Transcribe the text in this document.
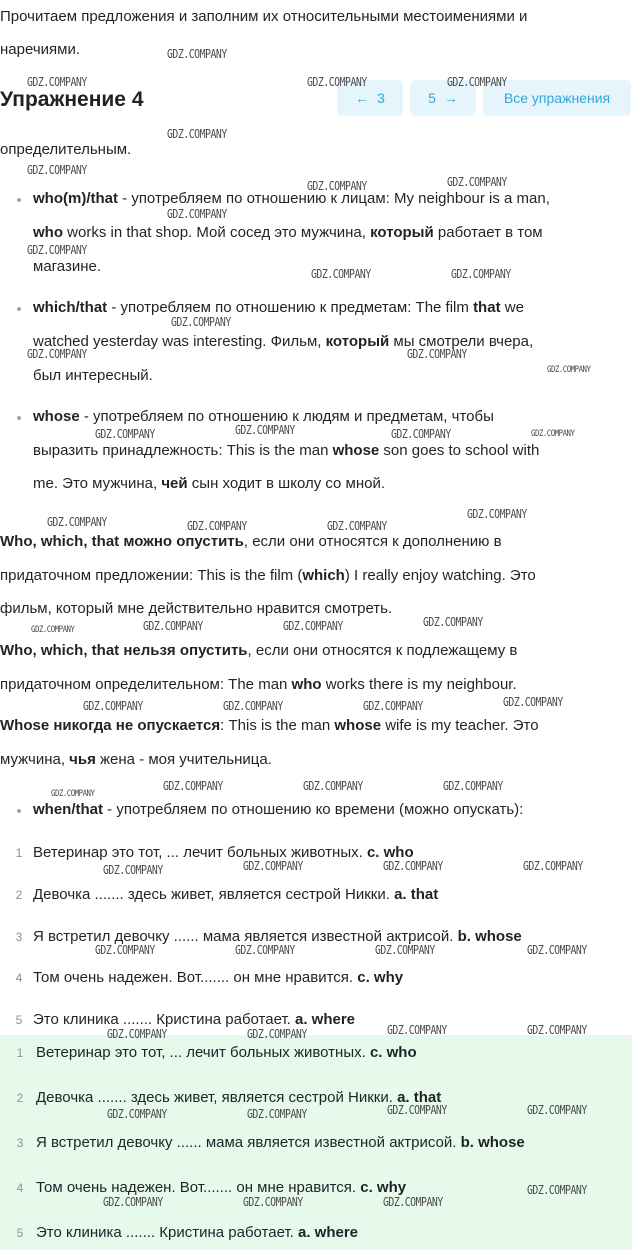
Прочитаем предложения и заполним их относительными местоимениями и
наречиями.
Упражнение 4	← 3	5 →	Все упражнения
определительным.
who(m)/that - употребляем по отношению к лицам: My neighbour is a man,
who works in that shop. Мой сосед это мужчина, который работает в том
магазине.
which/that - употребляем по отношению к предметам: The film that we
watched yesterday was interesting. Фильм, который мы смотрели вчера,
был интересный.
whose - употребляем по отношению к людям и предметам, чтобы
выразить принадлежность: This is the man whose son goes to school with
me. Это мужчина, чей сын ходит в школу со мной.
Who, which, that можно опустить, если они относятся к дополнению в
придаточном предложении: This is the film (which) I really enjoy watching. Это
фильм, который мне действительно нравится смотреть.
Who, which, that нельзя опустить, если они относятся к подлежащему в
придаточном определительном: The man who works there is my neighbour.
Whose никогда не опускается: This is the man whose wife is my teacher. Это
мужчина, чья жена - моя учительница.
when/that - употребляем по отношению ко времени (можно опускать):
1 Ветеринар это тот, ... лечит больных животных. c. who
2 Девочка ....... здесь живет, является сестрой Никки. a. that
3 Я встретил девочку ...... мама является известной актрисой. b. whose
4 Том очень надежен. Вот....... он мне нравится. c. why
5 Это клиника ....... Кристина работает. a. where
1 Ветеринар это тот, ... лечит больных животных. c. who
2 Девочка ....... здесь живет, является сестрой Никки. a. that
3 Я встретил девочку ...... мама является известной актрисой. b. whose
4 Том очень надежен. Вот....... он мне нравится. c. why
5 Это клиника ....... Кристина работает. a. where
GDZ.COMPANY
GDZ.COMPANY	GDZ.COMPANY	GDZ.COMPANY
GDZ.COMPANY
GDZ.COMPANY
GDZ.COMPANY	GDZ.COMPANY
GDZ.COMPANY
GDZ.COMPANY
GDZ.COMPANY	GDZ.COMPANY
GDZ.COMPANY
GDZ.COMPANY	GDZ.COMPANY
GDZ.COMPANY
GDZ.COMPANY	GDZ.COMPANY	GDZ.COMPANY	GDZ.COMPANY
GDZ.COMPANY	GDZ.COMPANY	GDZ.COMPANY
GDZ.COMPANY
GDZ.COMPANY	GDZ.COMPANY	GDZ.COMPANY	GDZ.COMPANY
GDZ.COMPANY	GDZ.COMPANY	GDZ.COMPANY	GDZ.COMPANY
GDZ.COMPANY
GDZ.COMPANY	GDZ.COMPANY	GDZ.COMPANY
GDZ.COMPANY	GDZ.COMPANY	GDZ.COMPANY	GDZ.COMPANY
GDZ.COMPANY	GDZ.COMPANY	GDZ.COMPANY	GDZ.COMPANY
GDZ.COMPANY	GDZ.COMPANY	GDZ.COMPANY	GDZ.COMPANY
GDZ.COMPANY	GDZ.COMPANY	GDZ.COMPANY	GDZ.COMPANY
GDZ.COMPANY	GDZ.COMPANY	GDZ.COMPANY
GDZ.COMPANY
